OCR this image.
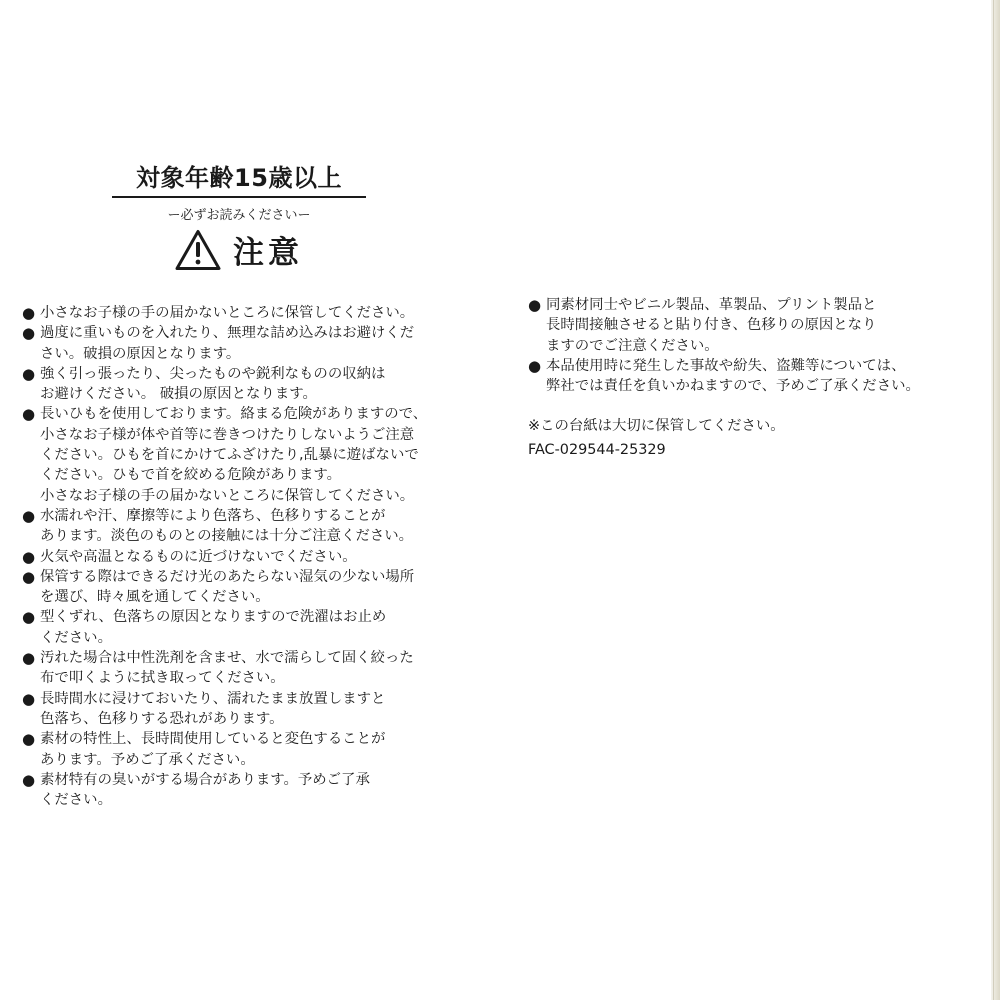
対象年齢15歳以上
ー必ずお読みくださいー
注意
● 小さなお子様の手の届かないところに保管してください。
● 過度に重いものを入れたり、無理な詰め込みはお避けくだ
さい。破損の原因となります。
● 強く引っ張ったり、尖ったものや鋭利なものの収納は
お避けください。 破損の原因となります。
● 長いひもを使用しております。絡まる危険がありますので、
小さなお子様が体や首等に巻きつけたりしないようご注意
ください。ひもを首にかけてふざけたり,乱暴に遊ばないで
ください。ひもで首を絞める危険があります。
小さなお子様の手の届かないところに保管してください。
● 水濡れや汗、摩擦等により色落ち、色移りすることが
あります。淡色のものとの接触には十分ご注意ください。
● 火気や高温となるものに近づけないでください。
● 保管する際はできるだけ光のあたらない湿気の少ない場所
を選び、時々風を通してください。
● 型くずれ、色落ちの原因となりますので洗濯はお止め
ください。
● 汚れた場合は中性洗剤を含ませ、水で濡らして固く絞った
布で叩くように拭き取ってください。
● 長時間水に浸けておいたり、濡れたまま放置しますと
色落ち、色移りする恐れがあります。
● 素材の特性上、長時間使用していると変色することが
あります。予めご了承ください。
● 素材特有の臭いがする場合があります。予めご了承
ください。
● 同素材同士やビニル製品、革製品、プリント製品と
長時間接触させると貼り付き、色移りの原因となり
ますのでご注意ください。
● 本品使用時に発生した事故や紛失、盗難等については、
弊社では責任を負いかねますので、予めご了承ください。
※この台紙は大切に保管してください。
FAC-029544-25329
